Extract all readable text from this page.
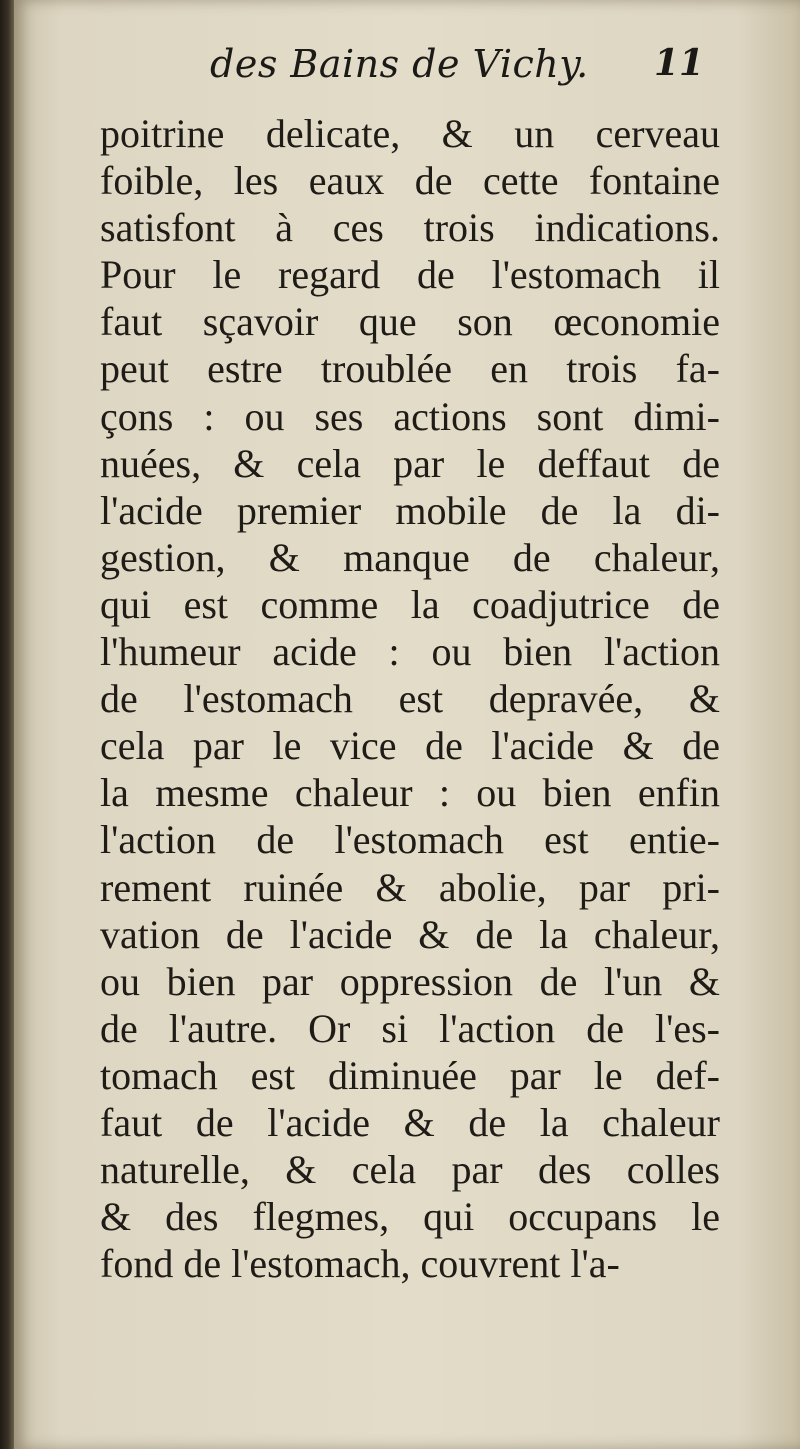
des Bains de Vichy. 11
poitrine delicate, & un cerveau
foible, les eaux de cette fontaine
satisfont à ces trois indications.
Pour le regard de l'estomach il
faut sçavoir que son œconomie
peut estre troublée en trois fa-
çons : ou ses actions sont dimi-
nuées, & cela par le deffaut de
l'acide premier mobile de la di-
gestion, & manque de chaleur,
qui est comme la coadjutrice de
l'humeur acide : ou bien l'action
de l'estomach est depravée, &
cela par le vice de l'acide & de
la mesme chaleur : ou bien enfin
l'action de l'estomach est entie-
rement ruinée & abolie, par pri-
vation de l'acide & de la chaleur,
ou bien par oppression de l'un &
de l'autre. Or si l'action de l'es-
tomach est diminuée par le def-
faut de l'acide & de la chaleur
naturelle, & cela par des colles
& des flegmes, qui occupans le
fond de l'estomach, couvrent l'a-
